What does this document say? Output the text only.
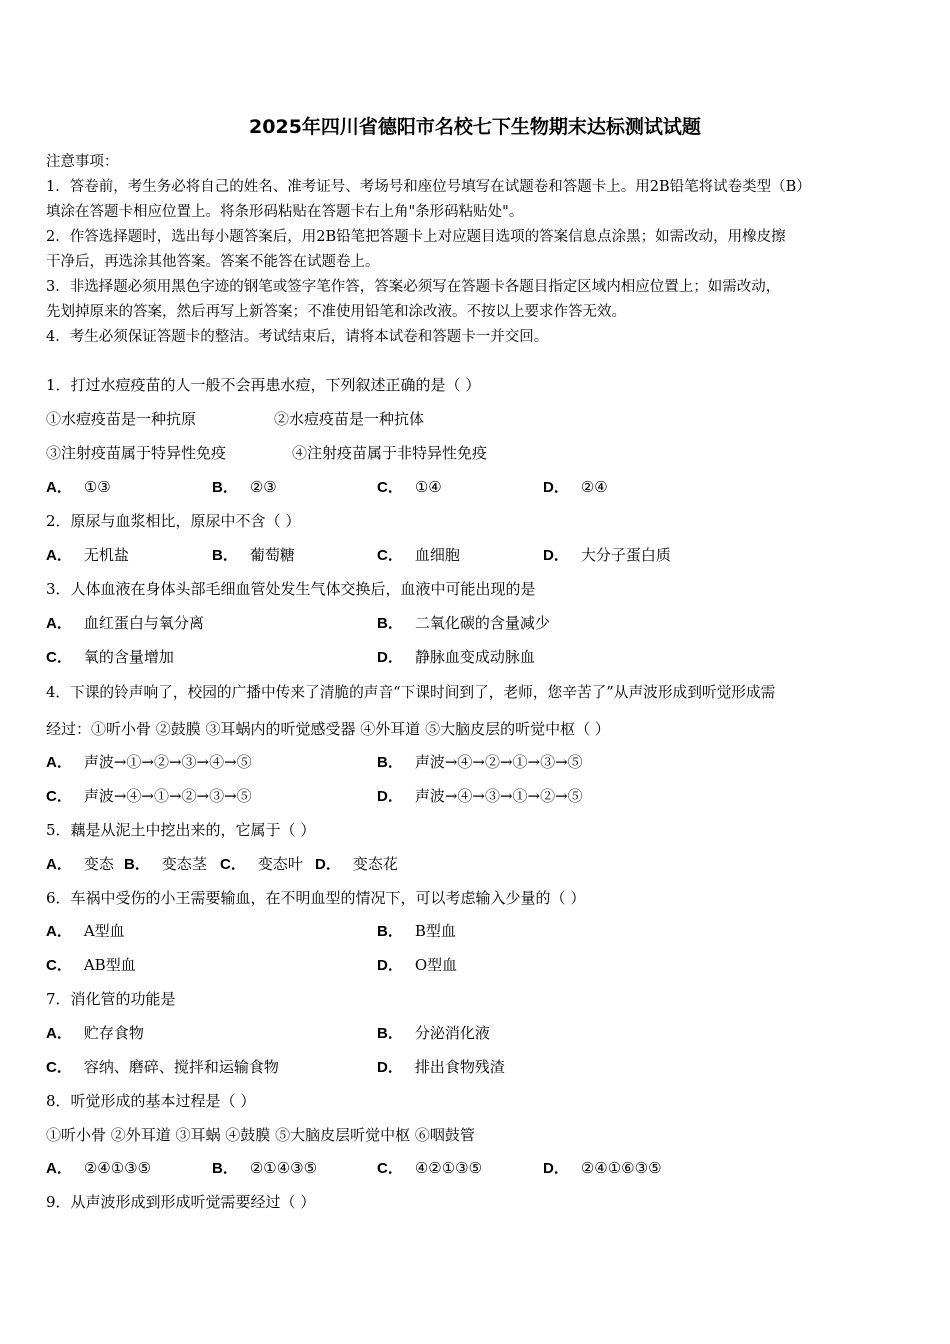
2025年四川省德阳市名校七下生物期末达标测试试题

注意事项：

1．答卷前，考生务必将自己的姓名、准考证号、考场号和座位号填写在试题卷和答题卡上。用2B铅笔将试卷类型（B）

填涂在答题卡相应位置上。将条形码粘贴在答题卡右上角"条形码粘贴处"。

2．作答选择题时，选出每小题答案后，用2B铅笔把答题卡上对应题目选项的答案信息点涂黑；如需改动，用橡皮擦

干净后，再选涂其他答案。答案不能答在试题卷上。

3．非选择题必须用黑色字迹的钢笔或签字笔作答，答案必须写在答题卡各题目指定区域内相应位置上；如需改动，

先划掉原来的答案，然后再写上新答案；不准使用铅笔和涂改液。不按以上要求作答无效。

4．考生必须保证答题卡的整洁。考试结束后，请将本试卷和答题卡一并交回。

1．打过水痘疫苗的人一般不会再患水痘，下列叙述正确的是（ ）
①水痘疫苗是一种抗原	②水痘疫苗是一种抗体
③注射疫苗属于特异性免疫	④注射疫苗属于非特异性免疫
A． ①③	B． ②③	C． ①④	D． ②④
2．原尿与血浆相比，原尿中不含（ ）
A． 无机盐	B． 葡萄糖	C． 血细胞	D． 大分子蛋白质
3．人体血液在身体头部毛细血管处发生气体交换后，血液中可能出现的是
A． 血红蛋白与氧分离	B． 二氧化碳的含量减少
C． 氧的含量增加	D． 静脉血变成动脉血
4．下课的铃声响了，校园的广播中传来了清脆的声音“下课时间到了，老师，您辛苦了”从声波形成到听觉形成需
经过：①听小骨 ②鼓膜 ③耳蜗内的听觉感受器 ④外耳道 ⑤大脑皮层的听觉中枢（ ）
A． 声波→①→②→③→④→⑤	B． 声波→④→②→①→③→⑤
C． 声波→④→①→②→③→⑤	D． 声波→④→③→①→②→⑤
5．藕是从泥土中挖出来的，它属于（ ）
A． 变态 B． 变态茎 C． 变态叶 D． 变态花
6．车祸中受伤的小王需要输血，在不明血型的情况下，可以考虑输入少量的（ ）
A． A型血	B． B型血
C． AB型血	D． O型血
7．消化管的功能是
A． 贮存食物	B． 分泌消化液
C． 容纳、磨碎、搅拌和运输食物	D． 排出食物残渣
8．听觉形成的基本过程是（ ）
①听小骨 ②外耳道 ③耳蜗 ④鼓膜 ⑤大脑皮层听觉中枢 ⑥咽鼓管
A． ②④①③⑤	B． ②①④③⑤	C． ④②①③⑤	D． ②④①⑥③⑤
9．从声波形成到形成听觉需要经过（ ）
